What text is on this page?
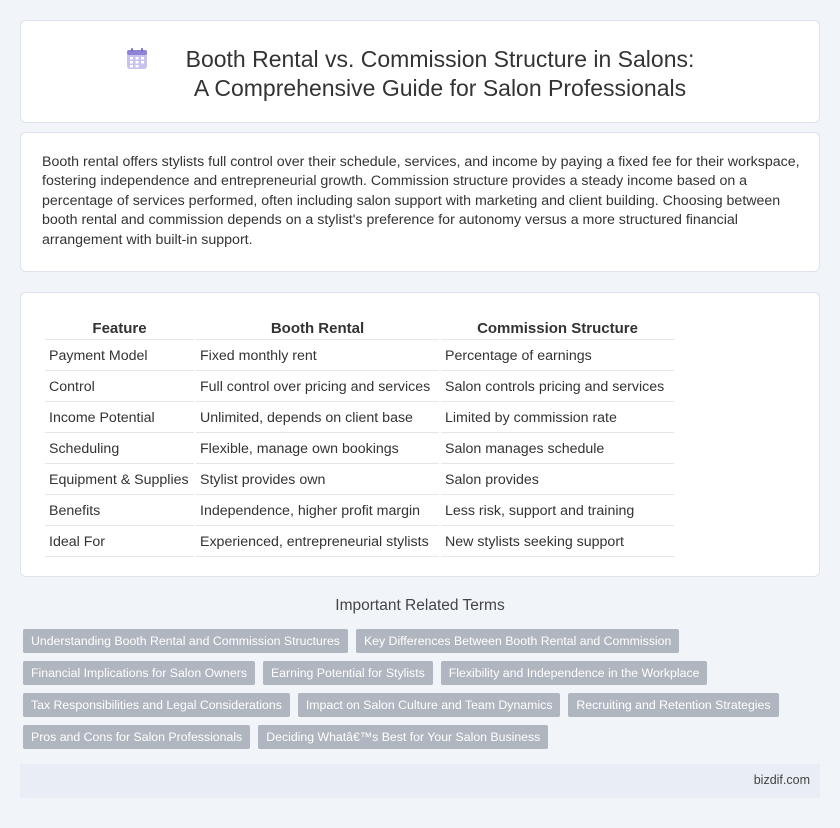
Booth Rental vs. Commission Structure in Salons: A Comprehensive Guide for Salon Professionals

Booth rental offers stylists full control over their schedule, services, and income by paying a fixed fee for their workspace, fostering independence and entrepreneurial growth. Commission structure provides a steady income based on a percentage of services performed, often including salon support with marketing and client building. Choosing between booth rental and commission depends on a stylist's preference for autonomy versus a more structured financial arrangement with built-in support.

Feature	Booth Rental	Commission Structure
Payment Model	Fixed monthly rent	Percentage of earnings
Control	Full control over pricing and services	Salon controls pricing and services
Income Potential	Unlimited, depends on client base	Limited by commission rate
Scheduling	Flexible, manage own bookings	Salon manages schedule
Equipment & Supplies	Stylist provides own	Salon provides
Benefits	Independence, higher profit margin	Less risk, support and training
Ideal For	Experienced, entrepreneurial stylists	New stylists seeking support
Important Related Terms
Understanding Booth Rental and Commission Structures	Key Differences Between Booth Rental and Commission
Financial Implications for Salon Owners	Earning Potential for Stylists	Flexibility and Independence in the Workplace
Tax Responsibilities and Legal Considerations	Impact on Salon Culture and Team Dynamics	Recruiting and Retention Strategies
Pros and Cons for Salon Professionals	Deciding Whatâ€™s Best for Your Salon Business
bizdif.com
